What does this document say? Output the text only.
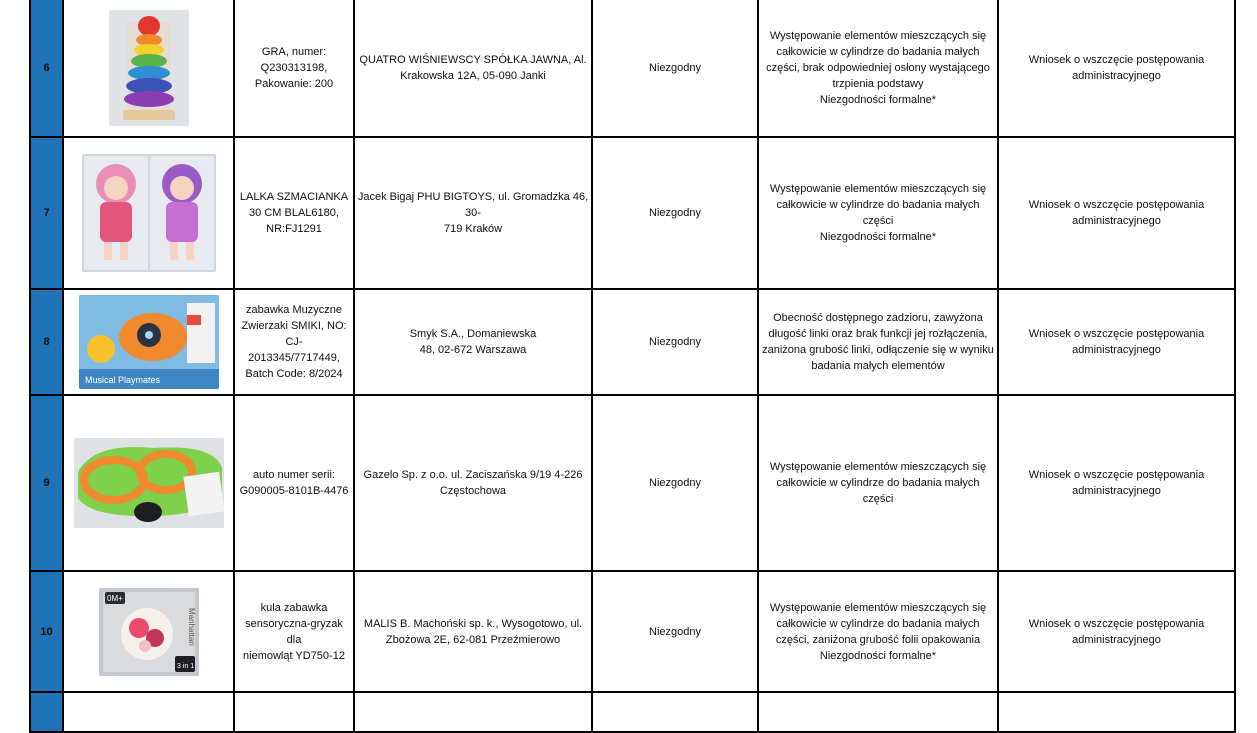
6		GRA, numer:
Q230313198,
Pakowanie: 200	QUATRO WIŚNIEWSCY SPÓŁKA JAWNA, Al.
Krakowska 12A, 05-090 Janki	Niezgodny	Występowanie elementów mieszczących się
całkowicie w cylindrze do badania małych
części, brak odpowiedniej osłony wystającego
trzpienia podstawy
Niezgodności formalne*	Wniosek o wszczęcie postępowania
administracyjnego

7		LALKA SZMACIANKA
30 CM BLAL6180,
NR:FJ1291	Jacek Bigaj PHU BIGTOYS, ul. Gromadzka 46, 30-
719 Kraków	Niezgodny	Występowanie elementów mieszczących się
całkowicie w cylindrze do badania małych
części
Niezgodności formalne*	Wniosek o wszczęcie postępowania
administracyjnego

8	Musical Playmates	zabawka Muzyczne
Zwierzaki SMIKI, NO: CJ-
2013345/7717449,
Batch Code: 8/2024	Smyk S.A., Domaniewska
48, 02-672 Warszawa	Niezgodny	Obecność dostępnego zadzioru, zawyżona
długość linki oraz brak funkcji jej rozłączenia,
zaniżona grubość linki, odłączenie się w wyniku
badania małych elementów	Wniosek o wszczęcie postępowania
administracyjnego

9		auto numer serii:
G090005-8101B-4476	Gazelo Sp. z o.o. ul. Zaciszańska 9/19 4-226
Częstochowa	Niezgodny	Występowanie elementów mieszczących się
całkowicie w cylindrze do badania małych
części	Wniosek o wszczęcie postępowania
administracyjnego

10	0M+
Manhattan
3 in 1	kula zabawka
sensoryczna-gryzak dla
niemowląt YD750-12	MALIS B. Machoński sp. k., Wysogotowo, ul.
Zbożowa 2E, 62-081 Przeźmierowo	Niezgodny	Występowanie elementów mieszczących się
całkowicie w cylindrze do badania małych
części, zaniżona grubość folii opakowania
Niezgodności formalne*	Wniosek o wszczęcie postępowania
administracyjnego
